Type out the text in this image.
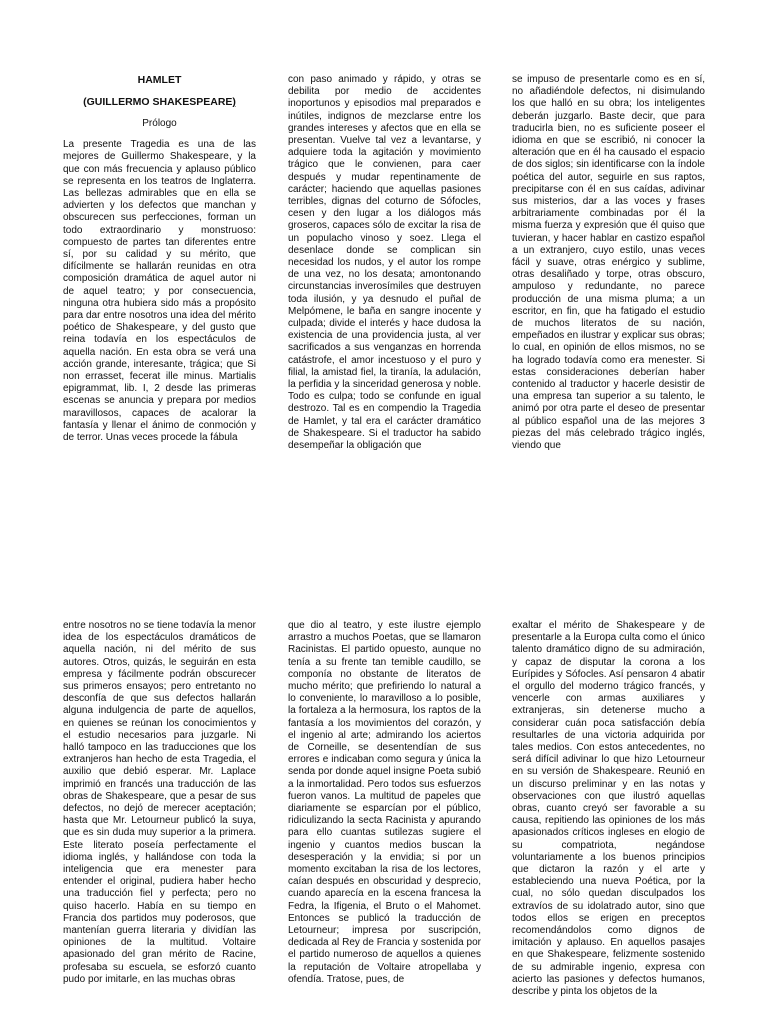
HAMLET
(GUILLERMO SHAKESPEARE)
Prólogo

La presente Tragedia es una de las mejores de Guillermo Shakespeare, y la que con más frecuencia y aplauso público se representa en los teatros de Inglaterra. Las bellezas admirables que en ella se advierten y los defectos que manchan y obscurecen sus perfecciones, forman un todo extraordinario y monstruoso: compuesto de partes tan diferentes entre sí, por su calidad y su mérito, que difícilmente se hallarán reunidas en otra composición dramática de aquel autor ni de aquel teatro; y por consecuencia, ninguna otra hubiera sido más a propósito para dar entre nosotros una idea del mérito poético de Shakespeare, y del gusto que reina todavía en los espectáculos de aquella nación. En esta obra se verá una acción grande, interesante, trágica; que Si non errasset, fecerat ille minus. Martialis epigrammat, lib. I, 2 desde las primeras escenas se anuncia y prepara por medios maravillosos, capaces de acalorar la fantasía y llenar el ánimo de conmoción y de terror. Unas veces procede la fábula

con paso animado y rápido, y otras se debilita por medio de accidentes inoportunos y episodios mal preparados e inútiles, indignos de mezclarse entre los grandes intereses y afectos que en ella se presentan. Vuelve tal vez a levantarse, y adquiere toda la agitación y movimiento trágico que le convienen, para caer después y mudar repentinamente de carácter; haciendo que aquellas pasiones terribles, dignas del coturno de Sófocles, cesen y den lugar a los diálogos más groseros, capaces sólo de excitar la risa de un populacho vinoso y soez. Llega el desenlace donde se complican sin necesidad los nudos, y el autor los rompe de una vez, no los desata; amontonando circunstancias inverosímiles que destruyen toda ilusión, y ya desnudo el puñal de Melpómene, le baña en sangre inocente y culpada; divide el interés y hace dudosa la existencia de una providencia justa, al ver sacrificados a sus venganzas en horrenda catástrofe, el amor incestuoso y el puro y filial, la amistad fiel, la tiranía, la adulación, la perfidia y la sinceridad generosa y noble. Todo es culpa; todo se confunde en igual destrozo. Tal es en compendio la Tragedia de Hamlet, y tal era el carácter dramático de Shakespeare. Si el traductor ha sabido desempeñar la obligación que

se impuso de presentarle como es en sí, no añadiéndole defectos, ni disimulando los que halló en su obra; los inteligentes deberán juzgarlo. Baste decir, que para traducirla bien, no es suficiente poseer el idioma en que se escribió, ni conocer la alteración que en él ha causado el espacio de dos siglos; sin identificarse con la índole poética del autor, seguirle en sus raptos, precipitarse con él en sus caídas, adivinar sus misterios, dar a las voces y frases arbitrariamente combinadas por él la misma fuerza y expresión que él quiso que tuvieran, y hacer hablar en castizo español a un extranjero, cuyo estilo, unas veces fácil y suave, otras enérgico y sublime, otras desaliñado y torpe, otras obscuro, ampuloso y redundante, no parece producción de una misma pluma; a un escritor, en fin, que ha fatigado el estudio de muchos literatos de su nación, empeñados en ilustrar y explicar sus obras; lo cual, en opinión de ellos mismos, no se ha logrado todavía como era menester. Si estas consideraciones deberían haber contenido al traductor y hacerle desistir de una empresa tan superior a su talento, le animó por otra parte el deseo de presentar al público español una de las mejores 3 piezas del más celebrado trágico inglés, viendo que

entre nosotros no se tiene todavía la menor idea de los espectáculos dramáticos de aquella nación, ni del mérito de sus autores. Otros, quizás, le seguirán en esta empresa y fácilmente podrán obscurecer sus primeros ensayos; pero entretanto no desconfía de que sus defectos hallarán alguna indulgencia de parte de aquellos, en quienes se reúnan los conocimientos y el estudio necesarios para juzgarle. Ni halló tampoco en las traducciones que los extranjeros han hecho de esta Tragedia, el auxilio que debió esperar. Mr. Laplace imprimió en francés una traducción de las obras de Shakespeare, que a pesar de sus defectos, no dejó de merecer aceptación; hasta que Mr. Letourneur publicó la suya, que es sin duda muy superior a la primera. Este literato poseía perfectamente el idioma inglés, y hallándose con toda la inteligencia que era menester para entender el original, pudiera haber hecho una traducción fiel y perfecta; pero no quiso hacerlo. Había en su tiempo en Francia dos partidos muy poderosos, que mantenían guerra literaria y dividían las opiniones de la multitud. Voltaire apasionado del gran mérito de Racine, profesaba su escuela, se esforzó cuanto pudo por imitarle, en las muchas obras

que dio al teatro, y este ilustre ejemplo arrastro a muchos Poetas, que se llamaron Racinistas. El partido opuesto, aunque no tenía a su frente tan temible caudillo, se componía no obstante de literatos de mucho mérito; que prefiriendo lo natural a lo conveniente, lo maravilloso a lo posible, la fortaleza a la hermosura, los raptos de la fantasía a los movimientos del corazón, y el ingenio al arte; admirando los aciertos de Corneille, se desentendían de sus errores e indicaban como segura y única la senda por donde aquel insigne Poeta subió a la inmortalidad. Pero todos sus esfuerzos fueron vanos. La multitud de papeles que diariamente se esparcían por el público, ridiculizando la secta Racinista y apurando para ello cuantas sutilezas sugiere el ingenio y cuantos medios buscan la desesperación y la envidia; si por un momento excitaban la risa de los lectores, caían después en obscuridad y desprecio, cuando aparecía en la escena francesa la Fedra, la Ifigenia, el Bruto o el Mahomet. Entonces se publicó la traducción de Letourneur; impresa por suscripción, dedicada al Rey de Francia y sostenida por el partido numeroso de aquellos a quienes la reputación de Voltaire atropellaba y ofendía. Tratose, pues, de

exaltar el mérito de Shakespeare y de presentarle a la Europa culta como el único talento dramático digno de su admiración, y capaz de disputar la corona a los Eurípides y Sófocles. Así pensaron 4 abatir el orgullo del moderno trágico francés, y vencerle con armas auxiliares y extranjeras, sin detenerse mucho a considerar cuán poca satisfacción debía resultarles de una victoria adquirida por tales medios. Con estos antecedentes, no será difícil adivinar lo que hizo Letourneur en su versión de Shakespeare. Reunió en un discurso preliminar y en las notas y observaciones con que ilustró aquellas obras, cuanto creyó ser favorable a su causa, repitiendo las opiniones de los más apasionados críticos ingleses en elogio de su compatriota, negándose voluntariamente a los buenos principios que dictaron la razón y el arte y estableciendo una nueva Poética, por la cual, no sólo quedan disculpados los extravíos de su idolatrado autor, sino que todos ellos se erigen en preceptos recomendándolos como dignos de imitación y aplauso. En aquellos pasajes en que Shakespeare, felizmente sostenido de su admirable ingenio, expresa con acierto las pasiones y defectos humanos, describe y pinta los objetos de la
